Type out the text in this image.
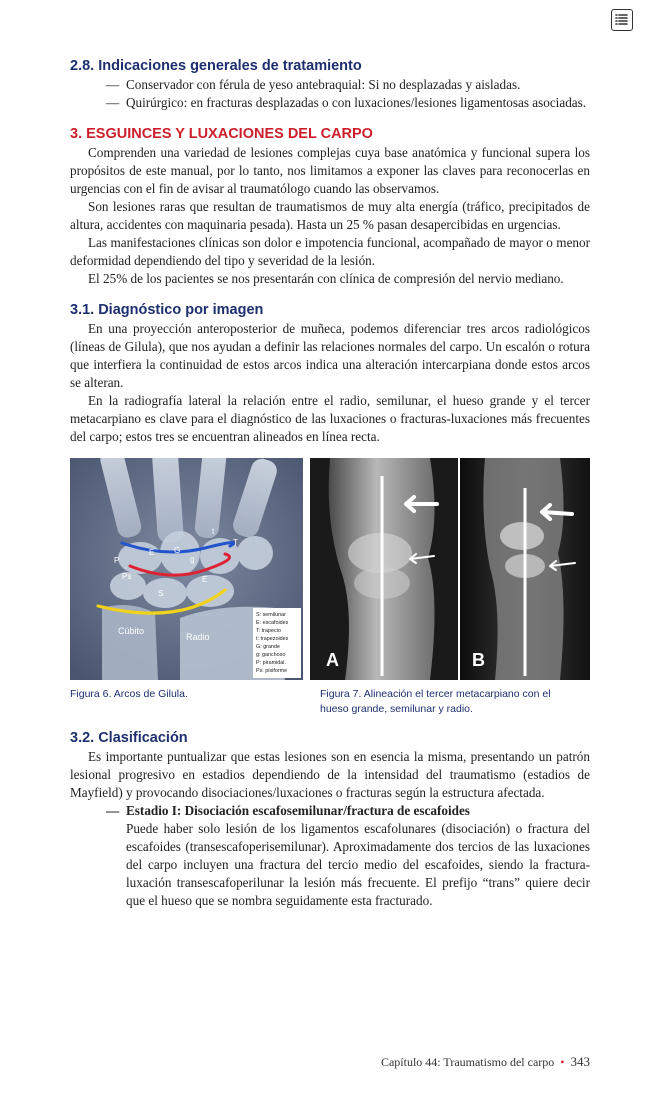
2.8. Indicaciones generales de tratamiento

— Conservador con férula de yeso antebraquial: Si no desplazadas y aisladas.

— Quirúrgico: en fracturas desplazadas o con luxaciones/lesiones ligamentosas asociadas.

3. ESGUINCES Y LUXACIONES DEL CARPO

Comprenden una variedad de lesiones complejas cuya base anatómica y funcional supera los propósitos de este manual, por lo tanto, nos limitamos a exponer las claves para reconocerlas en urgencias con el fin de avisar al traumatólogo cuando las observamos.

Son lesiones raras que resultan de traumatismos de muy alta energía (tráfico, precipitados de altura, accidentes con maquinaria pesada). Hasta un 25 % pasan desapercibidas en urgencias.

Las manifestaciones clínicas son dolor e impotencia funcional, acompañado de mayor o menor deformidad dependiendo del tipo y severidad de la lesión.

El 25% de los pacientes se nos presentarán con clínica de compresión del nervio mediano.

3.1. Diagnóstico por imagen

En una proyección anteroposterior de muñeca, podemos diferenciar tres arcos radiológicos (líneas de Gilula), que nos ayudan a definir las relaciones normales del carpo. Un escalón o rotura que interfiera la continuidad de estos arcos indica una alteración intercarpiana donde estos arcos se alteran.

En la radiografía lateral la relación entre el radio, semilunar, el hueso grande y el tercer metacarpiano es clave para el diagnóstico de las luxaciones o fracturas-luxaciones más frecuentes del carpo; estos tres se encuentran alineados en línea recta.

E G
t
T
P
Ps
S
E
g
Cúbito
Radio
S: semilunar
E: escafoides
T: trapecio
t: trapezoides
G: grande
g: ganchoso
P: piramidal.
Ps: pisiforme
A	B
Figura 6. Arcos de Gilula.	Figura 7. Alineación el tercer metacarpiano con el hueso grande, semilunar y radio.
3.2. Clasificación

Es importante puntualizar que estas lesiones son en esencia la misma, presentando un patrón lesional progresivo en estadios dependiendo de la intensidad del traumatismo (estadios de Mayfield) y provocando disociaciones/luxaciones o fracturas según la estructura afectada.

— Estadio I: Disociación escafosemilunar/fractura de escafoides

Puede haber solo lesión de los ligamentos escafolunares (disociación) o fractura del escafoides (transescafoperisemilunar). Aproximadamente dos tercios de las luxaciones del carpo incluyen una fractura del tercio medio del escafoides, siendo la fractura-luxación transescafoperilunar la lesión más frecuente. El prefijo “trans” quiere decir que el hueso que se nombra seguidamente esta fracturado.

Capítulo 44: Traumatismo del carpo • 343
